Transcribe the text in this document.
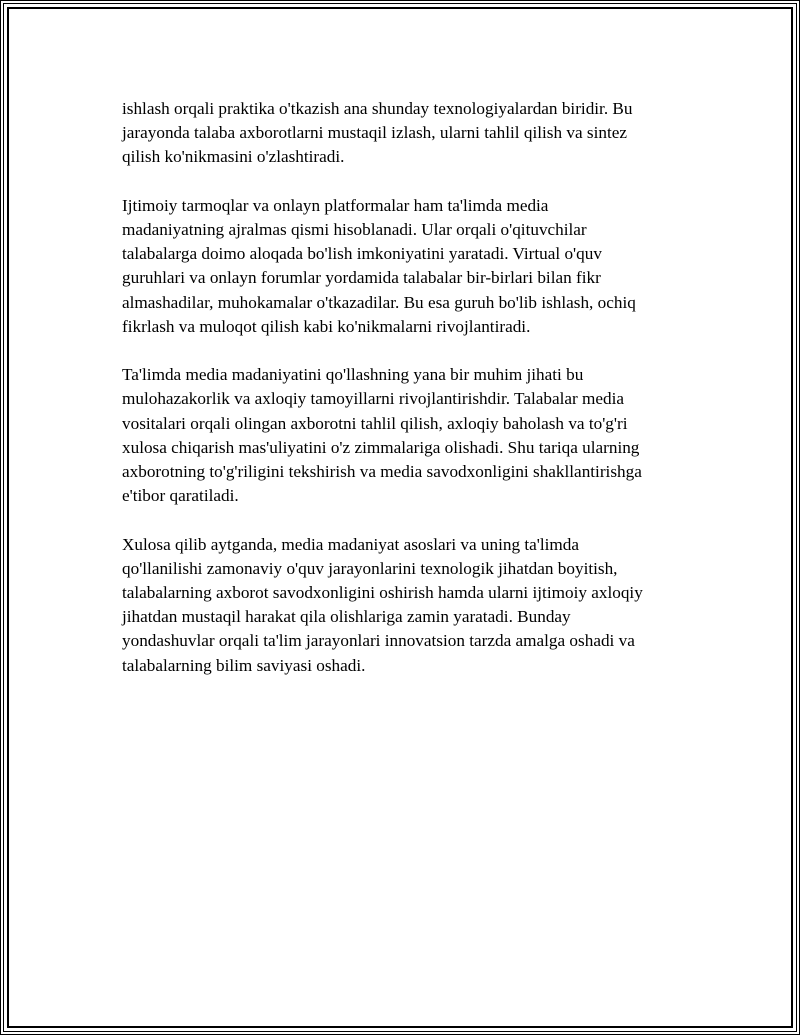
ishlash orqali praktika o'tkazish ana shunday texnologiyalardan biridir. Bu
jarayonda talaba axborotlarni mustaqil izlash, ularni tahlil qilish va sintez
qilish ko'nikmasini o'zlashtiradi.

Ijtimoiy tarmoqlar va onlayn platformalar ham ta'limda media
madaniyatning ajralmas qismi hisoblanadi. Ular orqali o'qituvchilar
talabalarga doimo aloqada bo'lish imkoniyatini yaratadi. Virtual o'quv
guruhlari va onlayn forumlar yordamida talabalar bir-birlari bilan fikr
almashadilar, muhokamalar o'tkazadilar. Bu esa guruh bo'lib ishlash, ochiq
fikrlash va muloqot qilish kabi ko'nikmalarni rivojlantiradi.

Ta'limda media madaniyatini qo'llashning yana bir muhim jihati bu
mulohazakorlik va axloqiy tamoyillarni rivojlantirishdir. Talabalar media
vositalari orqali olingan axborotni tahlil qilish, axloqiy baholash va to'g'ri
xulosa chiqarish mas'uliyatini o'z zimmalariga olishadi. Shu tariqa ularning
axborotning to'g'riligini tekshirish va media savodxonligini shakllantirishga
e'tibor qaratiladi.

Xulosa qilib aytganda, media madaniyat asoslari va uning ta'limda
qo'llanilishi zamonaviy o'quv jarayonlarini texnologik jihatdan boyitish,
talabalarning axborot savodxonligini oshirish hamda ularni ijtimoiy axloqiy
jihatdan mustaqil harakat qila olishlariga zamin yaratadi. Bunday
yondashuvlar orqali ta'lim jarayonlari innovatsion tarzda amalga oshadi va
talabalarning bilim saviyasi oshadi.
